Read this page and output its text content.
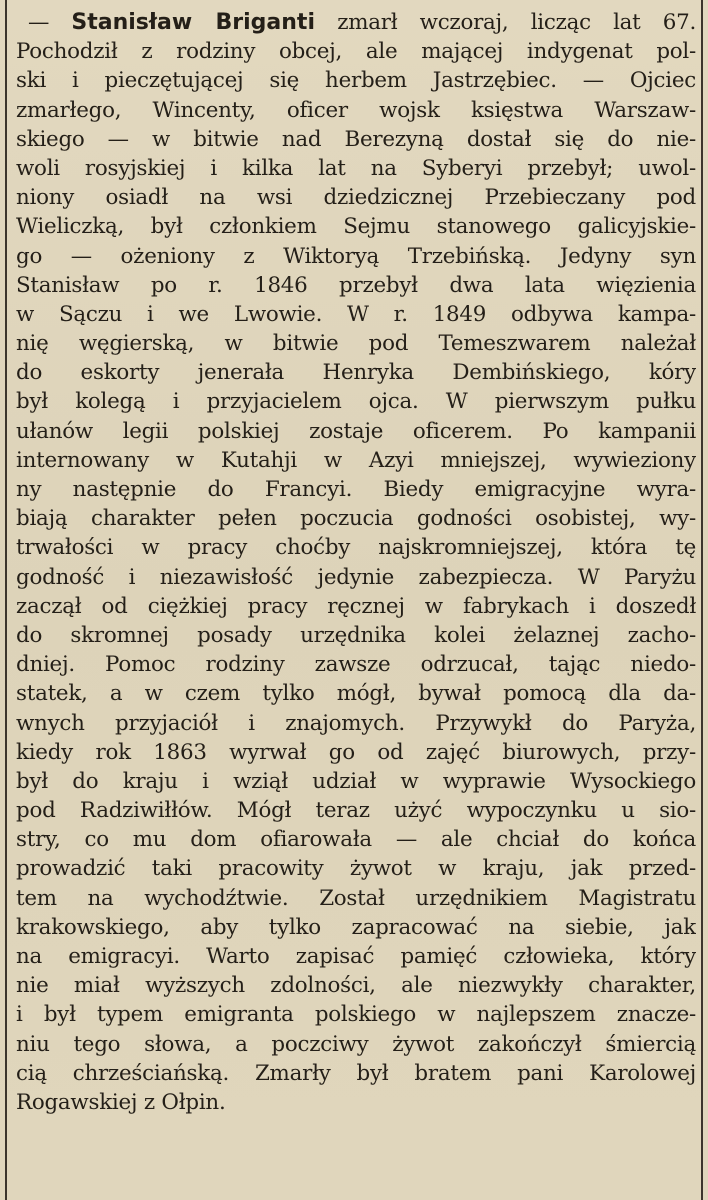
— Stanisław Briganti zmarł wczoraj, licząc lat 67.
Pochodził z rodziny obcej, ale mającej indygenat pol-
ski i pieczętującej się herbem Jastrzębiec. — Ojciec
zmarłego, Wincenty, oficer wojsk księstwa Warszaw-
skiego — w bitwie nad Berezyną dostał się do nie-
woli rosyjskiej i kilka lat na Syberyi przebył; uwol-
niony osiadł na wsi dziedzicznej Przebieczany pod
Wieliczką, był członkiem Sejmu stanowego galicyjskie-
go — ożeniony z Wiktoryą Trzebińską. Jedyny syn
Stanisław po r. 1846 przebył dwa lata więzienia
w Sączu i we Lwowie. W r. 1849 odbywa kampa-
nię węgierską, w bitwie pod Temeszwarem należał
do eskorty jenerała Henryka Dembińskiego, kóry
był kolegą i przyjacielem ojca. W pierwszym pułku
ułanów legii polskiej zostaje oficerem. Po kampanii
internowany w Kutahji w Azyi mniejszej, wywieziony
ny następnie do Francyi. Biedy emigracyjne wyra-
biają charakter pełen poczucia godności osobistej, wy-
trwałości w pracy choćby najskromniejszej, która tę
godność i niezawisłość jedynie zabezpiecza. W Paryżu
zaczął od ciężkiej pracy ręcznej w fabrykach i doszedł
do skromnej posady urzędnika kolei żelaznej zacho-
dniej. Pomoc rodziny zawsze odrzucał, tając niedo-
statek, a w czem tylko mógł, bywał pomocą dla da-
wnych przyjaciół i znajomych. Przywykł do Paryża,
kiedy rok 1863 wyrwał go od zajęć biurowych, przy-
był do kraju i wziął udział w wyprawie Wysockiego
pod Radziwiłłów. Mógł teraz użyć wypoczynku u sio-
stry, co mu dom ofiarowała — ale chciał do końca
prowadzić taki pracowity żywot w kraju, jak przed-
tem na wychodźtwie. Został urzędnikiem Magistratu
krakowskiego, aby tylko zapracować na siebie, jak
na emigracyi. Warto zapisać pamięć człowieka, który
nie miał wyższych zdolności, ale niezwykły charakter,
i był typem emigranta polskiego w najlepszem znacze-
niu tego słowa, a poczciwy żywot zakończył śmiercią
cią chrześciańską. Zmarły był bratem pani Karolowej
Rogawskiej z Ołpin.
